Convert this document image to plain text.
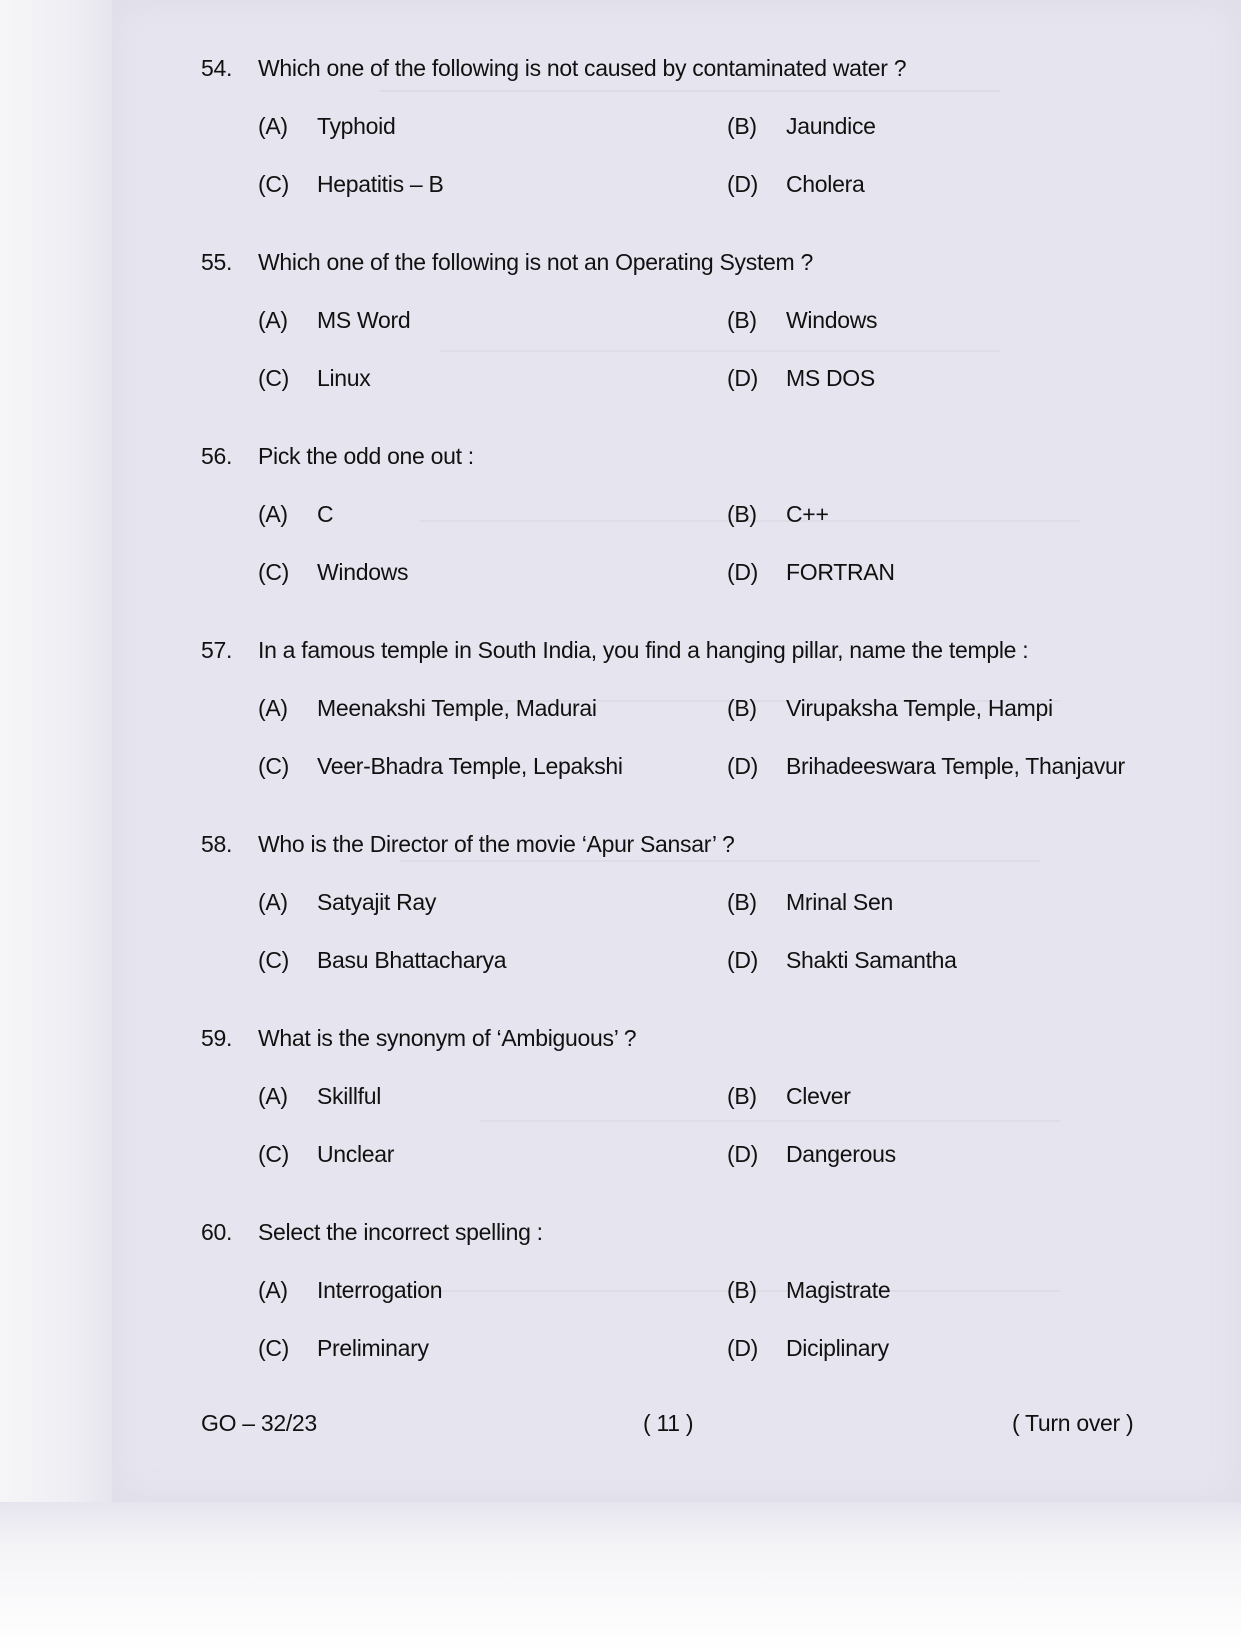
54. Which one of the following is not caused by contaminated water ?
(A) Typhoid	(B) Jaundice
(C) Hepatitis – B	(D) Cholera
55. Which one of the following is not an Operating System ?
(A) MS Word	(B) Windows
(C) Linux	(D) MS DOS
56. Pick the odd one out :
(A) C	(B) C++
(C) Windows	(D) FORTRAN
57. In a famous temple in South India, you find a hanging pillar, name the temple :
(A) Meenakshi Temple, Madurai	(B) Virupaksha Temple, Hampi
(C) Veer-Bhadra Temple, Lepakshi	(D) Brihadeeswara Temple, Thanjavur
58. Who is the Director of the movie ‘Apur Sansar’ ?
(A) Satyajit Ray	(B) Mrinal Sen
(C) Basu Bhattacharya	(D) Shakti Samantha
59. What is the synonym of ‘Ambiguous’ ?
(A) Skillful	(B) Clever
(C) Unclear	(D) Dangerous
60. Select the incorrect spelling :
(A) Interrogation	(B) Magistrate
(C) Preliminary	(D) Diciplinary
GO – 32/23	( 11 )	( Turn over )
